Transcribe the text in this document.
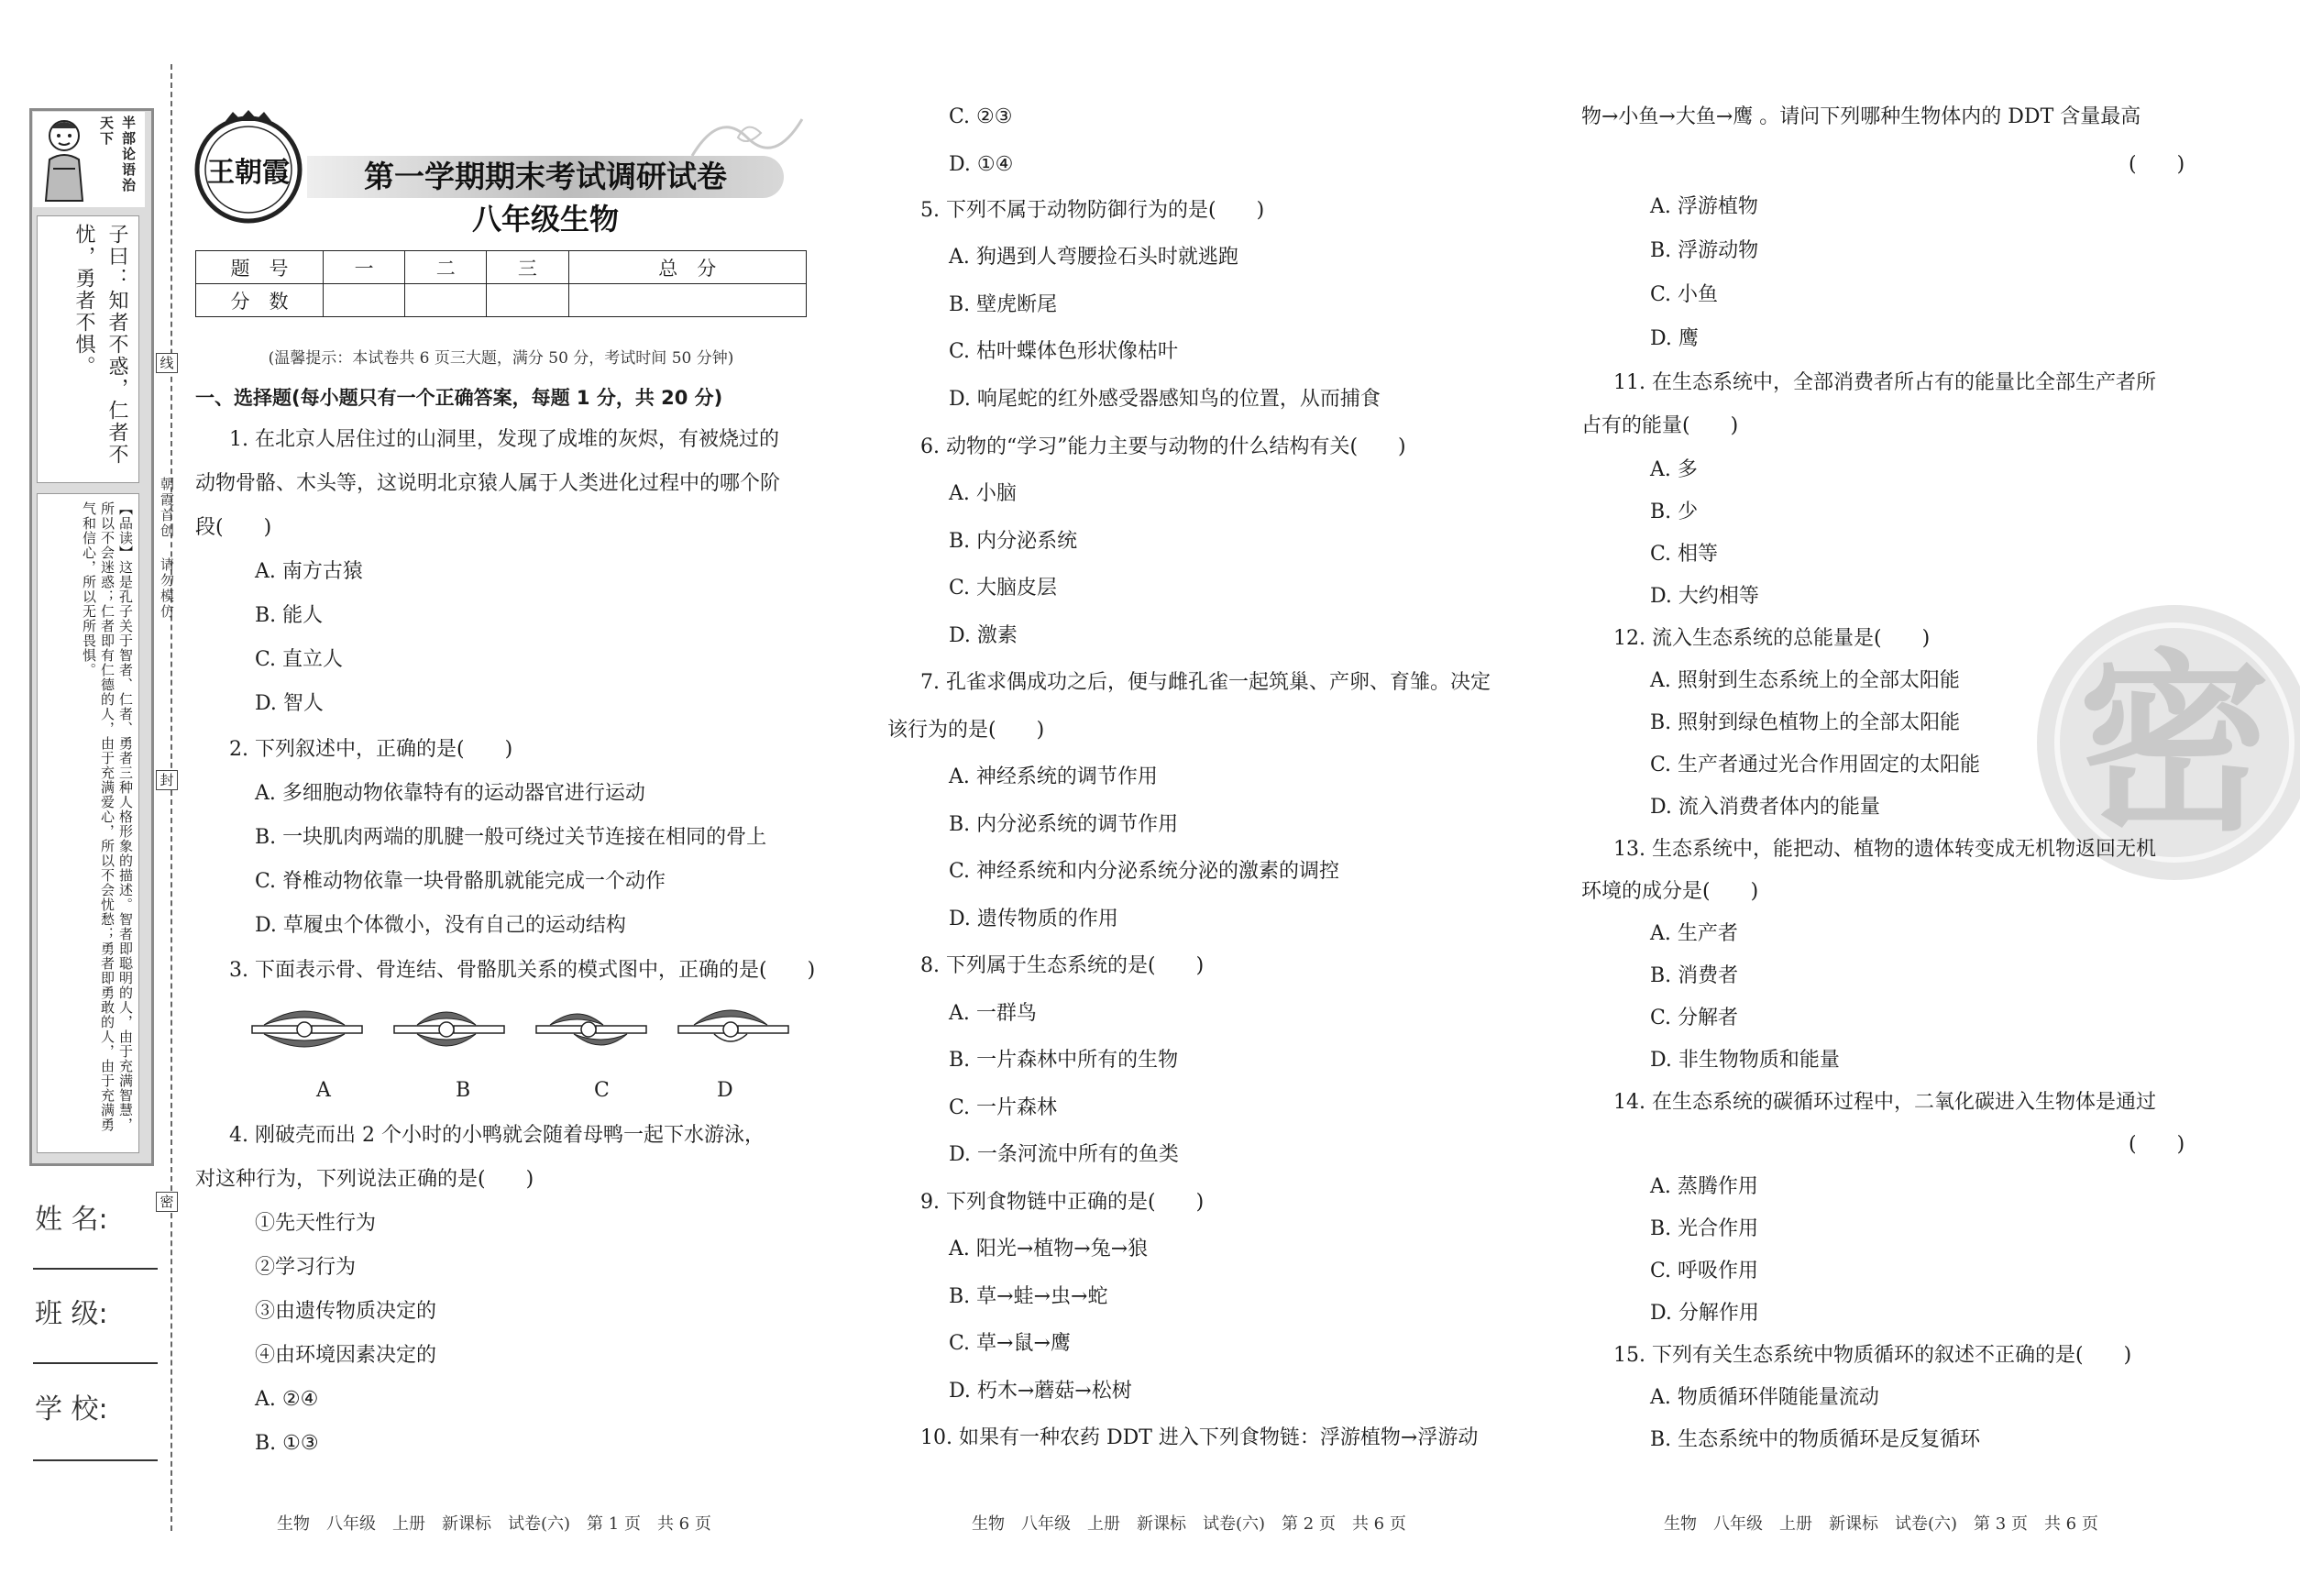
半部论语治天下
子曰：知者不惑，仁者不忧，勇者不惧。
【品读】这是孔子关于智者、仁者、勇者三种人格形象的描述。智者即聪明的人，由于充满智慧，所以不会迷惑；仁者即有仁德的人，由于充满爱心，所以不会忧愁；勇者即勇敢的人，由于充满勇气和信心，所以无所畏惧。
姓 名:
班 级:
学 校:
线
封
密
朝霞首创 请勿模仿
王朝霞	第一学期期末考试调研试卷
八年级生物
题　号	一	二	三	总　分
分　数				
(温馨提示：本试卷共 6 页三大题，满分 50 分，考试时间 50 分钟)
一、选择题(每小题只有一个正确答案，每题 1 分，共 20 分)
1. 在北京人居住过的山洞里，发现了成堆的灰烬，有被烧过的
动物骨骼、木头等，这说明北京猿人属于人类进化过程中的哪个阶
段(　　)
A. 南方古猿
B. 能人
C. 直立人
D. 智人
2. 下列叙述中，正确的是(　　)
A. 多细胞动物依靠特有的运动器官进行运动
B. 一块肌肉两端的肌腱一般可绕过关节连接在相同的骨上
C. 脊椎动物依靠一块骨骼肌就能完成一个动作
D. 草履虫个体微小，没有自己的运动结构
3. 下面表示骨、骨连结、骨骼肌关系的模式图中，正确的是(　　)
A	B	C	D
4. 刚破壳而出 2 个小时的小鸭就会随着母鸭一起下水游泳，
对这种行为，下列说法正确的是(　　)
①先天性行为
②学习行为
③由遗传物质决定的
④由环境因素决定的
A. ②④
B. ①③
生物　八年级　上册　新课标　试卷(六)　第 1 页　共 6 页
C. ②③
D. ①④
5. 下列不属于动物防御行为的是(　　)
A. 狗遇到人弯腰捡石头时就逃跑
B. 壁虎断尾
C. 枯叶蝶体色形状像枯叶
D. 响尾蛇的红外感受器感知鸟的位置，从而捕食
6. 动物的“学习”能力主要与动物的什么结构有关(　　)
A. 小脑
B. 内分泌系统
C. 大脑皮层
D. 激素
7. 孔雀求偶成功之后，便与雌孔雀一起筑巢、产卵、育雏。决定
该行为的是(　　)
A. 神经系统的调节作用
B. 内分泌系统的调节作用
C. 神经系统和内分泌系统分泌的激素的调控
D. 遗传物质的作用
8. 下列属于生态系统的是(　　)
A. 一群鸟
B. 一片森林中所有的生物
C. 一片森林
D. 一条河流中所有的鱼类
9. 下列食物链中正确的是(　　)
A. 阳光→植物→兔→狼
B. 草→蛙→虫→蛇
C. 草→鼠→鹰
D. 朽木→蘑菇→松树
10. 如果有一种农药 DDT 进入下列食物链：浮游植物→浮游动
生物　八年级　上册　新课标　试卷(六)　第 2 页　共 6 页
密
物→小鱼→大鱼→鹰 。请问下列哪种生物体内的 DDT 含量最高
(　　)
A. 浮游植物
B. 浮游动物
C. 小鱼
D. 鹰
11. 在生态系统中，全部消费者所占有的能量比全部生产者所
占有的能量(　　)
A. 多
B. 少
C. 相等
D. 大约相等
12. 流入生态系统的总能量是(　　)
A. 照射到生态系统上的全部太阳能
B. 照射到绿色植物上的全部太阳能
C. 生产者通过光合作用固定的太阳能
D. 流入消费者体内的能量
13. 生态系统中，能把动、植物的遗体转变成无机物返回无机
环境的成分是(　　)
A. 生产者
B. 消费者
C. 分解者
D. 非生物物质和能量
14. 在生态系统的碳循环过程中，二氧化碳进入生物体是通过
(　　)
A. 蒸腾作用
B. 光合作用
C. 呼吸作用
D. 分解作用
15. 下列有关生态系统中物质循环的叙述不正确的是(　　)
A. 物质循环伴随能量流动
B. 生态系统中的物质循环是反复循环
生物　八年级　上册　新课标　试卷(六)　第 3 页　共 6 页
